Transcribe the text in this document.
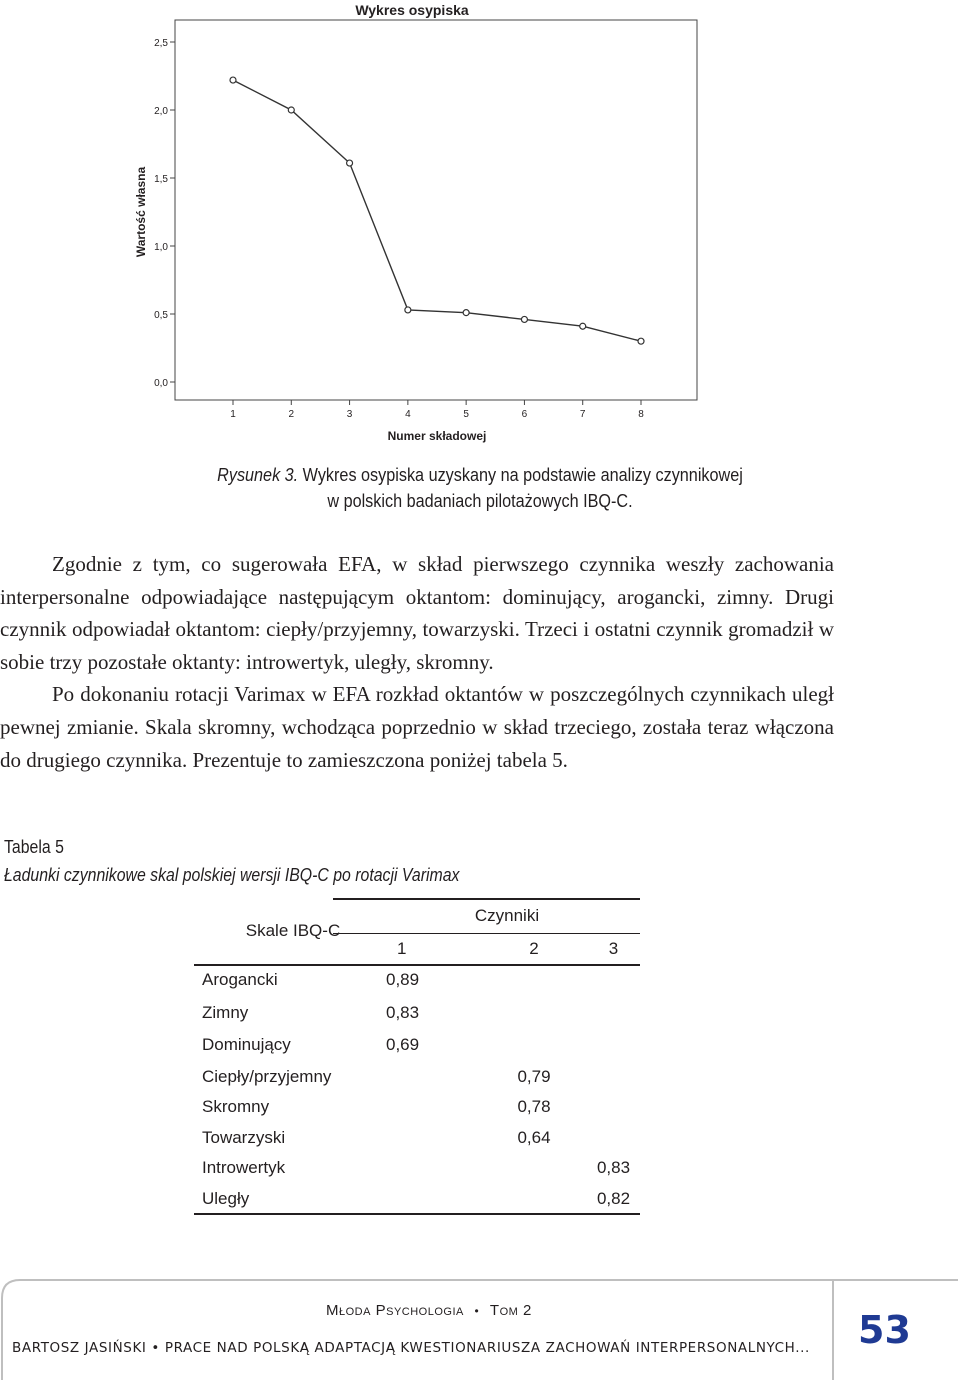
Wykres osypiska
Wartość własna
Numer składowej
0,0
0,5
1,0
1,5
2,0
2,5
1	2	3	4	5	6	7	8
Rysunek 3. Wykres osypiska uzyskany na podstawie analizy czynnikowej
w polskich badaniach pilotażowych IBQ-C.

Zgodnie z tym, co sugerowała EFA, w skład pierwszego czynnika weszły zachowania interpersonalne odpowiadające następującym oktantom: dominujący, arogancki, zimny. Drugi czynnik odpowiadał oktantom: ciepły/przyjemny, towarzyski. Trzeci i ostatni czynnik gromadził w sobie trzy pozostałe oktanty: introwertyk, uległy, skromny.

Po dokonaniu rotacji Varimax w EFA rozkład oktantów w poszczególnych czynnikach uległ pewnej zmianie. Skala skromny, wchodząca poprzednio w skład trzeciego, została teraz włączona do drugiego czynnika. Prezentuje to zamieszczona poniżej tabela 5.

Tabela 5
Ładunki czynnikowe skal polskiej wersji IBQ-C po rotacji Varimax
Skale IBQ-C	Czynniki		
	1	2	3
Arogancki	0,89		
Zimny	0,83		
Dominujący	0,69		
Ciepły/przyjemny		0,79	
Skromny		0,78	
Towarzyski		0,64	
Introwertyk			0,83
Uległy			0,82
Młoda Psychologia • Tom 2
BARTOSZ JASIŃSKI • PRACE NAD POLSKĄ ADAPTACJĄ KWESTIONARIUSZA ZACHOWAŃ INTERPERSONALNYCH... 53
